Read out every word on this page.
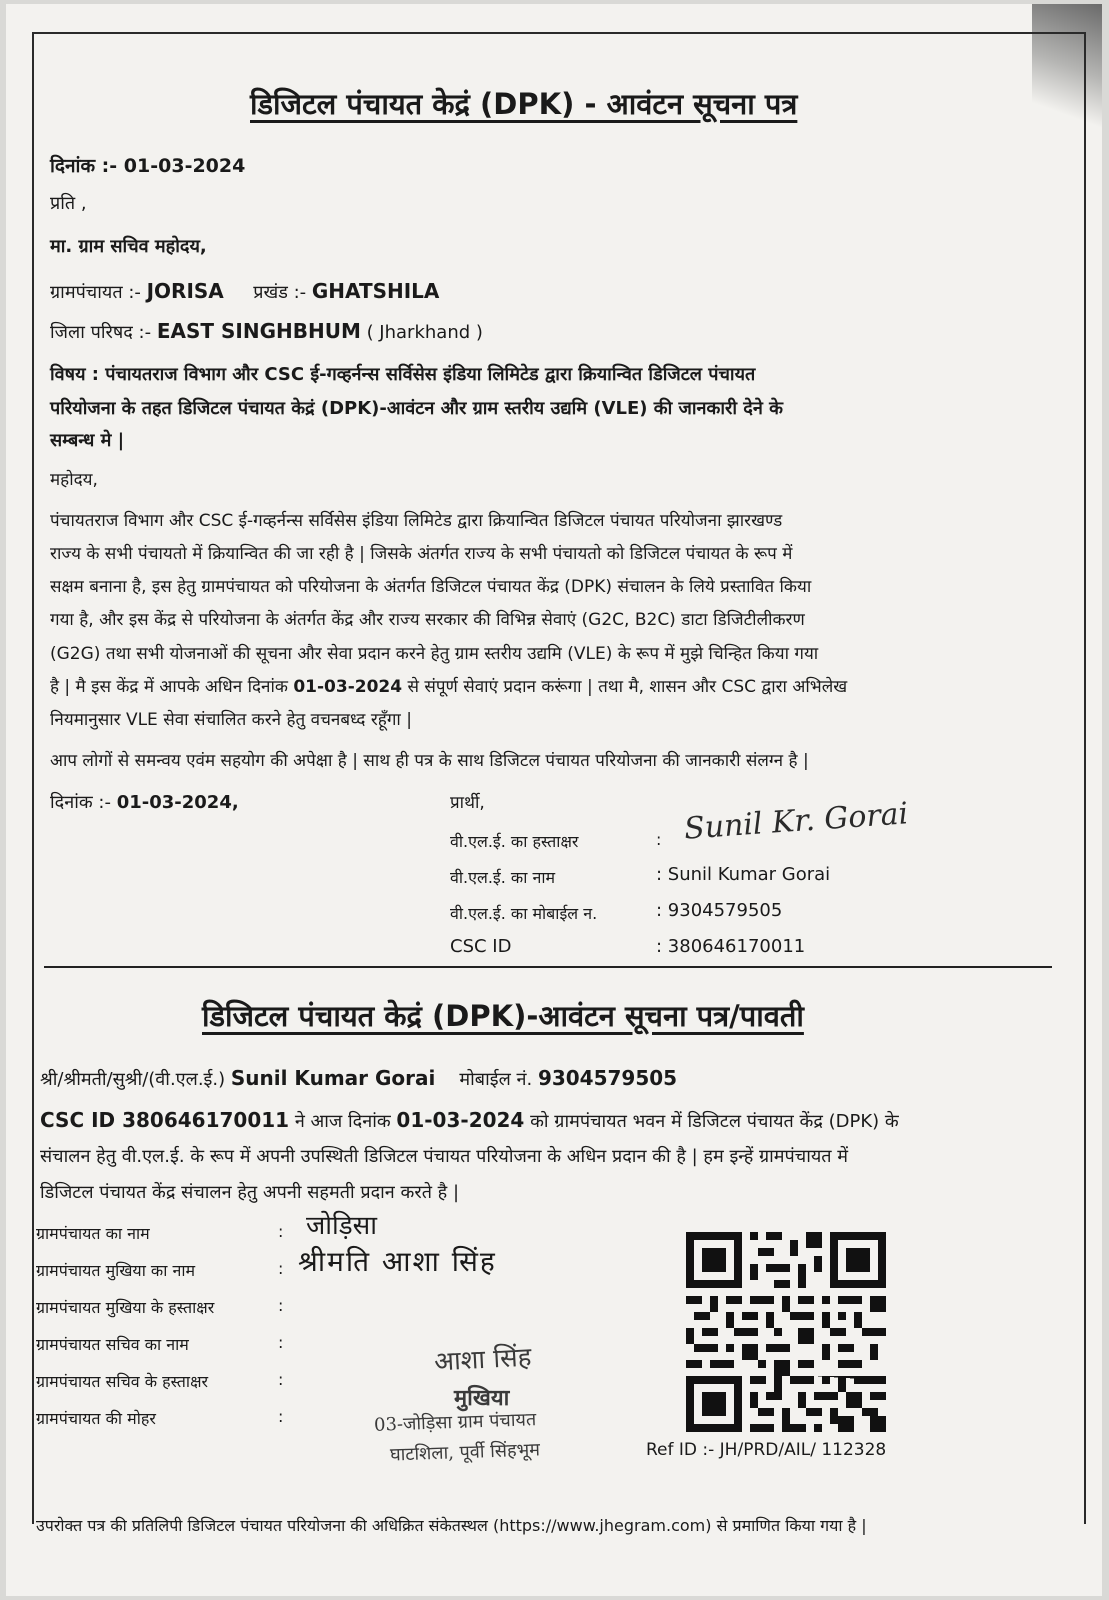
डिजिटल पंचायत केद्रं (DPK) - आवंटन सूचना पत्र
दिनांक :- 01-03-2024
प्रति ,
मा. ग्राम सचिव महोदय,
ग्रामपंचायत :- JORISA प्रखंड :- GHATSHILA
जिला परिषद :- EAST SINGHBHUM ( Jharkhand )
विषय : पंचायतराज विभाग और CSC ई-गव्हर्नन्स सर्विसेस इंडिया लिमिटेड द्वारा क्रियान्वित डिजिटल पंचायत
परियोजना के तहत डिजिटल पंचायत केद्रं (DPK)-आवंटन और ग्राम स्तरीय उद्यमि (VLE) की जानकारी देने के
सम्बन्ध मे |
महोदय,
पंचायतराज विभाग और CSC ई-गव्हर्नन्स सर्विसेस इंडिया लिमिटेड द्वारा क्रियान्वित डिजिटल पंचायत परियोजना झारखण्ड
राज्य के सभी पंचायतो में क्रियान्वित की जा रही है | जिसके अंतर्गत राज्य के सभी पंचायतो को डिजिटल पंचायत के रूप में
सक्षम बनाना है, इस हेतु ग्रामपंचायत को परियोजना के अंतर्गत डिजिटल पंचायत केंद्र (DPK) संचालन के लिये प्रस्तावित किया
गया है, और इस केंद्र से परियोजना के अंतर्गत केंद्र और राज्य सरकार की विभिन्न सेवाएं (G2C, B2C) डाटा डिजिटीलीकरण
(G2G) तथा सभी योजनाओं की सूचना और सेवा प्रदान करने हेतु ग्राम स्तरीय उद्यमि (VLE) के रूप में मुझे चिन्हित किया गया
है | मै इस केंद्र में आपके अधिन दिनांक 01-03-2024 से संपूर्ण सेवाएं प्रदान करूंगा | तथा मै, शासन और CSC द्वारा अभिलेख
नियमानुसार VLE सेवा संचालित करने हेतु वचनबध्द रहूँगा |
आप लोगों से समन्वय एवंम सहयोग की अपेक्षा है | साथ ही पत्र के साथ डिजिटल पंचायत परियोजना की जानकारी संलग्न है |
दिनांक :- 01-03-2024,	प्रार्थी,
वी.एल.ई. का हस्ताक्षर	: Sunil Kr. Gorai
वी.एल.ई. का नाम	: Sunil Kumar Gorai
वी.एल.ई. का मोबाईल न.	: 9304579505
CSC ID	: 380646170011
डिजिटल पंचायत केद्रं (DPK)-आवंटन सूचना पत्र/पावती
श्री/श्रीमती/सुश्री/(वी.एल.ई.) Sunil Kumar Gorai मोबाईल नं. 9304579505
CSC ID 380646170011 ने आज दिनांक 01-03-2024 को ग्रामपंचायत भवन में डिजिटल पंचायत केंद्र (DPK) के
संचालन हेतु वी.एल.ई. के रूप में अपनी उपस्थिती डिजिटल पंचायत परियोजना के अधिन प्रदान की है | हम इन्हें ग्रामपंचायत में
डिजिटल पंचायत केंद्र संचालन हेतु अपनी सहमती प्रदान करते है |
ग्रामपंचायत का नाम	: जोड़िसा
ग्रामपंचायत मुखिया का नाम	: श्रीमति आशा सिंह
ग्रामपंचायत मुखिया के हस्ताक्षर	:
ग्रामपंचायत सचिव का नाम	:
ग्रामपंचायत सचिव के हस्ताक्षर	:
ग्रामपंचायत की मोहर	:
आशा सिंह
मुखिया
03-जोड़िसा ग्राम पंचायत
घाटशिला, पूर्वी सिंहभूम	Ref ID :- JH/PRD/AIL/ 112328
उपरोक्त पत्र की प्रतिलिपी डिजिटल पंचायत परियोजना की अधिक्रित संकेतस्थल (https://www.jhegram.com) से प्रमाणित किया गया है |
